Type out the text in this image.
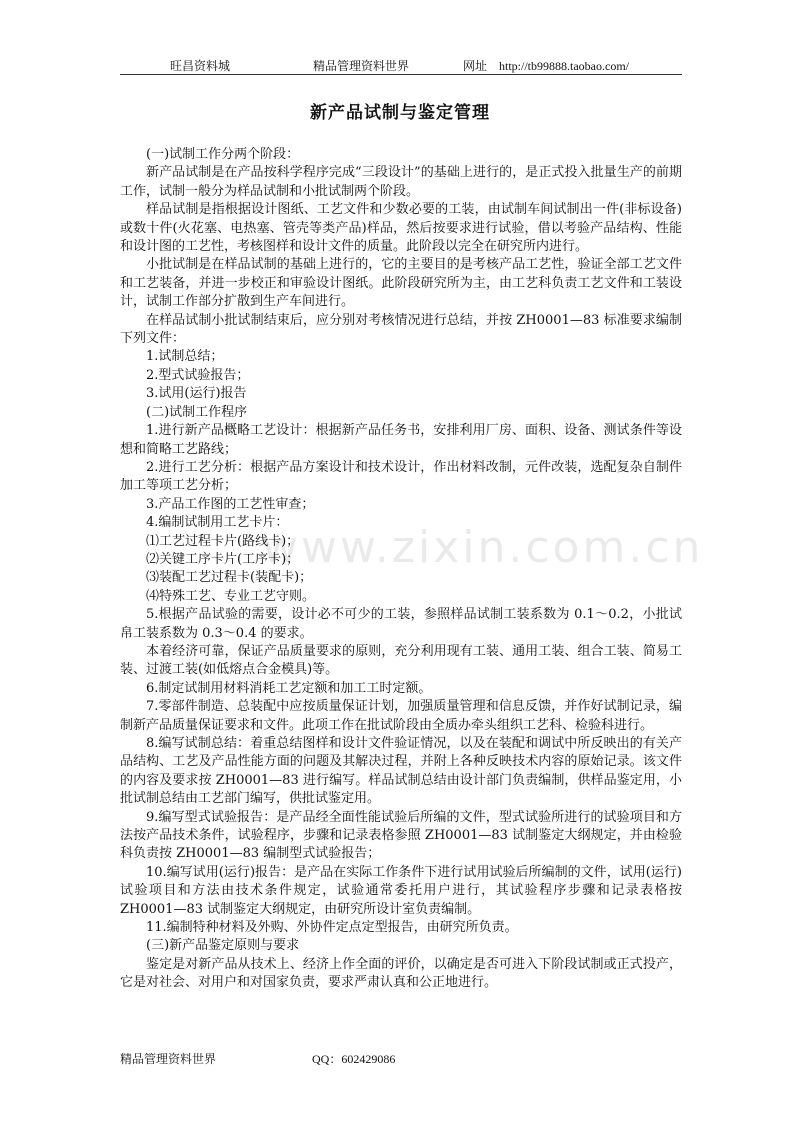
旺昌资料城	精品管理资料世界	网址　http://tb99888.taobao.com/
新产品试制与鉴定管理
www.zixin.com.cn

(一)试制工作分两个阶段：

新产品试制是在产品按科学程序完成“三段设计”的基础上进行的，是正式投入批量生产的前期工作，试制一般分为样品试制和小批试制两个阶段。

样品试制是指根据设计图纸、工艺文件和少数必要的工装，由试制车间试制出一件(非标设备)或数十件(火花塞、电热塞、管壳等类产品)样品，然后按要求进行试验，借以考验产品结构、性能和设计图的工艺性，考核图样和设计文件的质量。此阶段以完全在研究所内进行。

小批试制是在样品试制的基础上进行的，它的主要目的是考核产品工艺性，验证全部工艺文件和工艺装备，并进一步校正和审验设计图纸。此阶段研究所为主，由工艺科负责工艺文件和工装设计，试制工作部分扩散到生产车间进行。

在样品试制小批试制结束后，应分别对考核情况进行总结，并按 ZH0001—83 标准要求编制下列文件：

1.试制总结；

2.型式试验报告；

3.试用(运行)报告

(二)试制工作程序

1.进行新产品概略工艺设计：根据新产品任务书，安排利用厂房、面积、设备、测试条件等设想和简略工艺路线；

2.进行工艺分析：根据产品方案设计和技术设计，作出材料改制，元件改装，选配复杂自制件加工等项工艺分析；

3.产品工作图的工艺性审查；

4.编制试制用工艺卡片：

⑴工艺过程卡片(路线卡)；

⑵关键工序卡片(工序卡)；

⑶装配工艺过程卡(装配卡)；

⑷特殊工艺、专业工艺守则。

5.根据产品试验的需要，设计必不可少的工装，参照样品试制工装系数为 0.1～0.2，小批试帛工装系数为 0.3～0.4 的要求。

本着经济可靠，保证产品质量要求的原则，充分利用现有工装、通用工装、组合工装、简易工装、过渡工装(如低熔点合金模具)等。

6.制定试制用材料消耗工艺定额和加工工时定额。

7.零部件制造、总装配中应按质量保证计划，加强质量管理和信息反馈，并作好试制记录，编制新产品质量保证要求和文件。此项工作在批试阶段由全质办牵头组织工艺科、检验科进行。

8.编写试制总结：着重总结图样和设计文件验证情况，以及在装配和调试中所反映出的有关产品结构、工艺及产品性能方面的问题及其解决过程，并附上各种反映技术内容的原始记录。该文件的内容及要求按 ZH0001—83 进行编写。样品试制总结由设计部门负责编制，供样品鉴定用，小批试制总结由工艺部门编写，供批试鉴定用。

9.编写型式试验报告：是产品经全面性能试验后所编的文件，型式试验所进行的试验项目和方法按产品技术条件，试验程序，步骤和记录表格参照 ZH0001—83 试制鉴定大纲规定，并由检验科负责按 ZH0001—83 编制型式试验报告；

10.编写试用(运行)报告：是产品在实际工作条件下进行试用试验后所编制的文件，试用(运行)试验项目和方法由技术条件规定，试验通常委托用户进行，其试验程序步骤和记录表格按 ZH0001—83 试制鉴定大纲规定，由研究所设计室负责编制。

11.编制特种材料及外购、外协件定点定型报告，由研究所负责。

(三)新产品鉴定原则与要求

鉴定是对新产品从技术上、经济上作全面的评价，以确定是否可进入下阶段试制或正式投产，它是对社会、对用户和对国家负责，要求严肃认真和公正地进行。

精品管理资料世界	QQ：602429086
